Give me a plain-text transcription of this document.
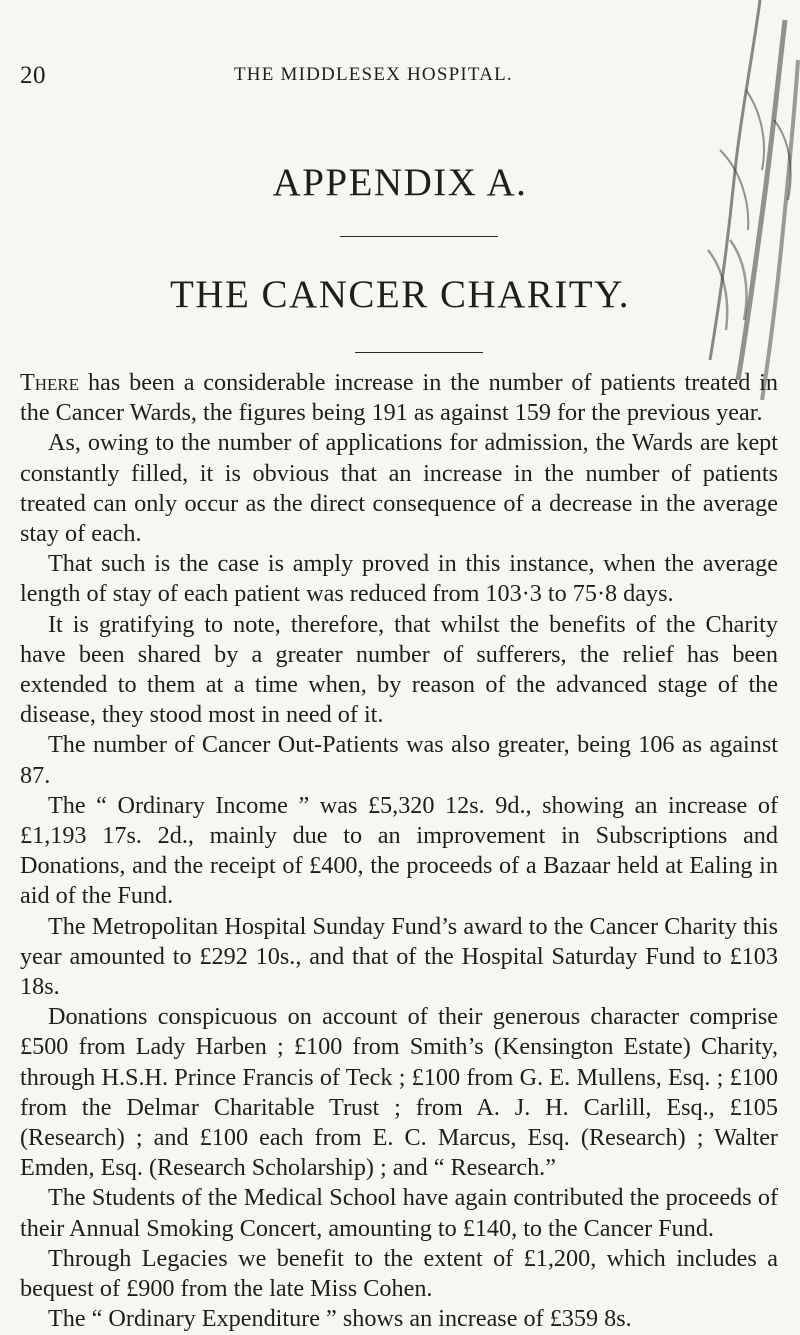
20	THE MIDDLESEX HOSPITAL.
APPENDIX A.
THE CANCER CHARITY.

There has been a considerable increase in the number of patients treated in the Cancer Wards, the figures being 191 as against 159 for the previous year.

As, owing to the number of applications for admission, the Wards are kept constantly filled, it is obvious that an increase in the number of patients treated can only occur as the direct consequence of a decrease in the average stay of each.

That such is the case is amply proved in this instance, when the average length of stay of each patient was reduced from 103·3 to 75·8 days.

It is gratifying to note, therefore, that whilst the benefits of the Charity have been shared by a greater number of sufferers, the relief has been extended to them at a time when, by reason of the advanced stage of the disease, they stood most in need of it.

The number of Cancer Out-Patients was also greater, being 106 as against 87.

The “ Ordinary Income ” was £5,320 12s. 9d., showing an increase of £1,193 17s. 2d., mainly due to an improvement in Subscriptions and Donations, and the receipt of £400, the proceeds of a Bazaar held at Ealing in aid of the Fund.

The Metropolitan Hospital Sunday Fund’s award to the Cancer Charity this year amounted to £292 10s., and that of the Hospital Saturday Fund to £103 18s.

Donations conspicuous on account of their generous character comprise £500 from Lady Harben ; £100 from Smith’s (Kensington Estate) Charity, through H.S.H. Prince Francis of Teck ; £100 from G. E. Mullens, Esq. ; £100 from the Delmar Charitable Trust ; from A. J. H. Carlill, Esq., £105 (Research) ; and £100 each from E. C. Marcus, Esq. (Research) ; Walter Emden, Esq. (Research Scholarship) ; and “ Research.”

The Students of the Medical School have again contributed the proceeds of their Annual Smoking Concert, amounting to £140, to the Cancer Fund.

Through Legacies we benefit to the extent of £1,200, which includes a bequest of £900 from the late Miss Cohen.

The “ Ordinary Expenditure ” shows an increase of £359 8s.
